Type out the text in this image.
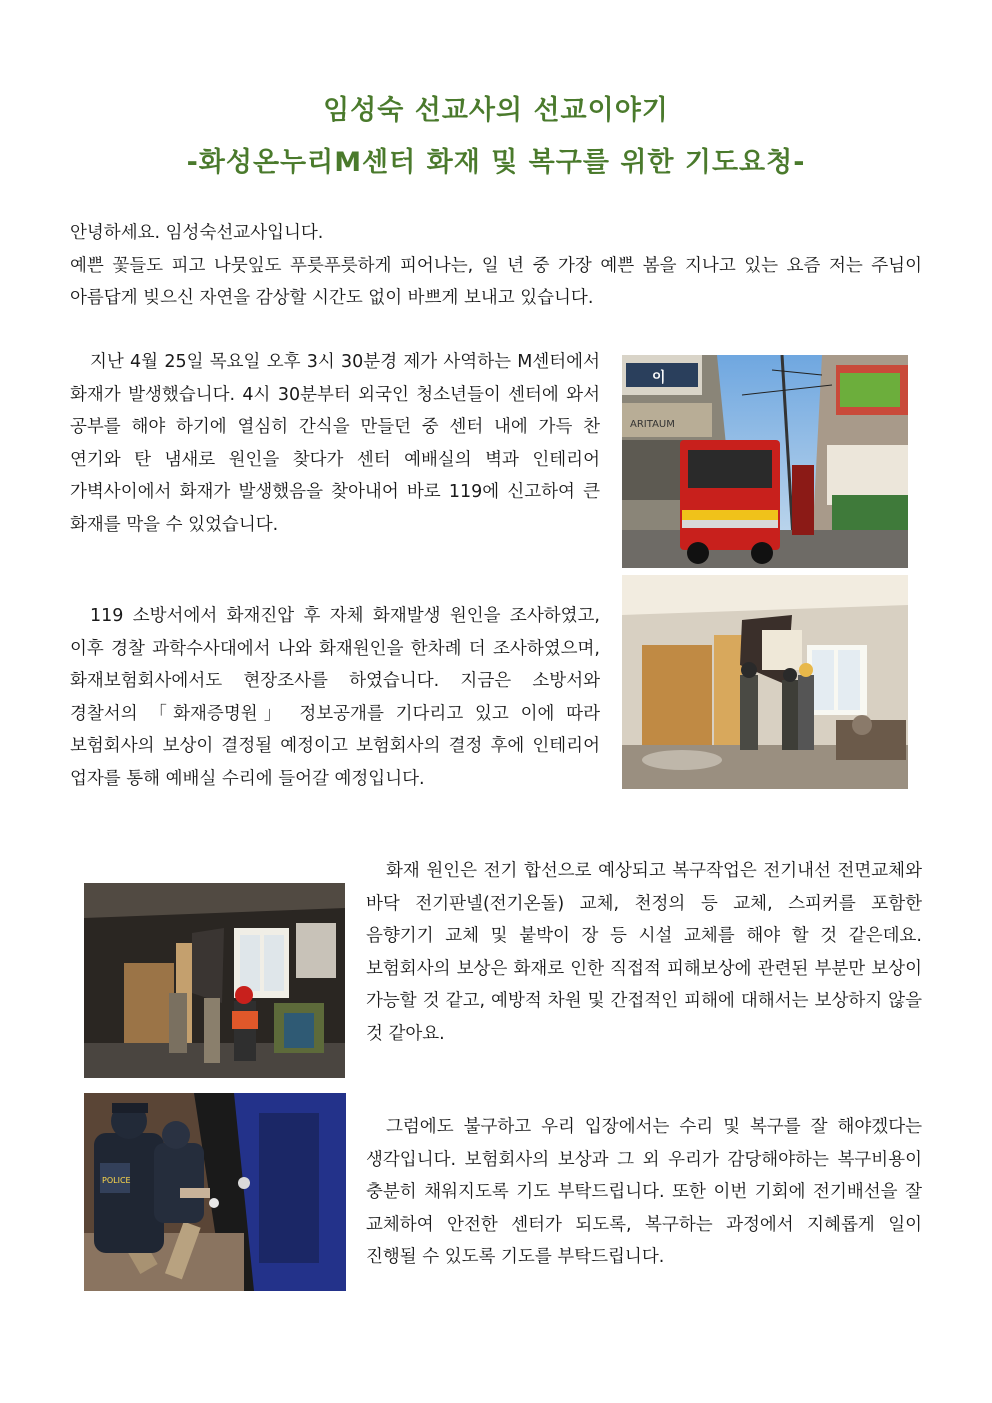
임성숙 선교사의 선교이야기
-화성온누리M센터 화재 및 복구를 위한 기도요청-
안녕하세요. 임성숙선교사입니다.
예쁜 꽃들도 피고 나뭇잎도 푸릇푸릇하게 피어나는, 일 년 중 가장 예쁜 봄을 지나고 있는 요즘 저는 주님이 아름답게 빚으신 자연을 감상할 시간도 없이 바쁘게 보내고 있습니다.

지난 4월 25일 목요일 오후 3시 30분경 제가 사역하는 M센터에서 화재가 발생했습니다. 4시 30분부터 외국인 청소년들이 센터에 와서 공부를 해야 하기에 열심히 간식을 만들던 중 센터 내에 가득 찬 연기와 탄 냄새로 원인을 찾다가 센터 예배실의 벽과 인테리어 가벽사이에서 화재가 발생했음을 찾아내어 바로 119에 신고하여 큰 화재를 막을 수 있었습니다.

119 소방서에서 화재진압 후 자체 화재발생 원인을 조사하였고, 이후 경찰 과학수사대에서 나와 화재원인을 한차례 더 조사하였으며, 화재보험회사에서도 현장조사를 하였습니다. 지금은 소방서와 경찰서의 「화재증명원」 정보공개를 기다리고 있고 이에 따라 보험회사의 보상이 결정될 예정이고 보험회사의 결정 후에 인테리어 업자를 통해 예배실 수리에 들어갈 예정입니다.

화재 원인은 전기 합선으로 예상되고 복구작업은 전기내선 전면교체와 바닥 전기판넬(전기온돌) 교체, 천정의 등 교체, 스피커를 포함한 음향기기 교체 및 붙박이 장 등 시설 교체를 해야 할 것 같은데요. 보험회사의 보상은 화재로 인한 직접적 피해보상에 관련된 부분만 보상이 가능할 것 같고, 예방적 차원 및 간접적인 피해에 대해서는 보상하지 않을 것 같아요.

그럼에도 불구하고 우리 입장에서는 수리 및 복구를 잘 해야겠다는 생각입니다. 보험회사의 보상과 그 외 우리가 감당해야하는 복구비용이 충분히 채워지도록 기도 부탁드립니다. 또한 이번 기회에 전기배선을 잘 교체하여 안전한 센터가 되도록, 복구하는 과정에서 지혜롭게 일이 진행될 수 있도록 기도를 부탁드립니다.

이
ARITAUM
POLICE
